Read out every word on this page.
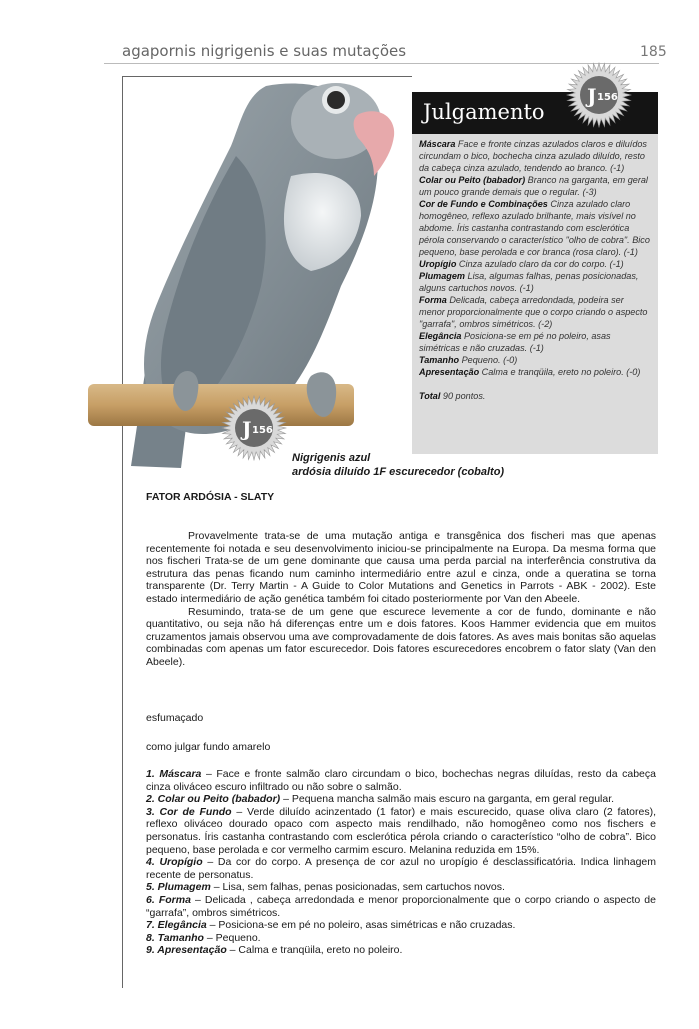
agapornis nigrigenis e suas mutações	185
Julgamento
Máscara Face e fronte cinzas azulados claros e diluídos circundam o bico, bochecha cinza azulado diluído, resto da cabeça cinza azulado, tendendo ao branco. (-1)
Colar ou Peito (babador) Branco na garganta, em geral um pouco grande demais que o regular. (-3)
Cor de Fundo e Combinações Cinza azulado claro homogêneo, reflexo azulado brilhante, mais visível no abdome. Íris castanha contrastando com esclerótica pérola conservando o característico "olho de cobra". Bico pequeno, base perolada e cor branca (rosa claro). (-1)
Uropígio Cinza azulado claro da cor do corpo. (-1)
Plumagem Lisa, algumas falhas, penas posicionadas, alguns cartuchos novos. (-1)
Forma Delicada, cabeça arredondada, podeira ser menor proporcionalmente que o corpo criando o aspecto "garrafa", ombros simétricos. (-2)
Elegância Posiciona-se em pé no poleiro, asas simétricas e não cruzadas. (-1)
Tamanho Pequeno. (-0)
Apresentação Calma e tranqüila, ereto no poleiro. (-0)
Total 90 pontos.
J 156
J 156
Nigrigenis azul
ardósia diluído 1F escurecedor (cobalto)
FATOR ARDÓSIA - SLATY

Provavelmente trata-se de uma mutação antiga e transgênica dos fischeri mas que apenas recentemente foi notada e seu desenvolvimento iniciou-se principalmente na Europa. Da mesma forma que nos fischeri Trata-se de um gene dominante que causa uma perda parcial na interferência construtiva da estrutura das penas ficando num caminho intermediário entre azul e cinza, onde a queratina se torna transparente (Dr. Terry Martin - A Guide to Color Mutations and Genetics in Parrots - ABK - 2002). Este estado intermediário de ação genética também foi citado posteriormente por Van den Abeele.

Resumindo, trata-se de um gene que escurece levemente a cor de fundo, dominante e não quantitativo, ou seja não há diferenças entre um e dois fatores. Koos Hammer evidencia que em muitos cruzamentos jamais observou uma ave comprovadamente de dois fatores. As aves mais bonitas são aquelas combinadas com apenas um fator escurecedor. Dois fatores escurecedores encobrem o fator slaty (Van den Abeele).

esfumaçado
como julgar fundo amarelo
1. Máscara – Face e fronte salmão claro circundam o bico, bochechas negras diluídas, resto da cabeça cinza oliváceo escuro infiltrado ou não sobre o salmão.
2. Colar ou Peito (babador) – Pequena mancha salmão mais escuro na garganta, em geral regular.
3. Cor de Fundo – Verde diluído acinzentado (1 fator) e mais escurecido, quase oliva claro (2 fatores), reflexo oliváceo dourado opaco com aspecto mais rendilhado, não homogêneo como nos fischers e personatus. Íris castanha contrastando com esclerótica pérola criando o característico “olho de cobra”. Bico pequeno, base perolada e cor vermelho carmim escuro. Melanina reduzida em 15%.
4. Uropígio – Da cor do corpo. A presença de cor azul no uropígio é desclassificatória. Indica linhagem recente de personatus.
5. Plumagem – Lisa, sem falhas, penas posicionadas, sem cartuchos novos.
6. Forma – Delicada , cabeça arredondada e menor proporcionalmente que o corpo criando o aspecto de “garrafa”, ombros simétricos.
7. Elegância – Posiciona-se em pé no poleiro, asas simétricas e não cruzadas.
8. Tamanho – Pequeno.
9. Apresentação – Calma e tranqüila, ereto no poleiro.
